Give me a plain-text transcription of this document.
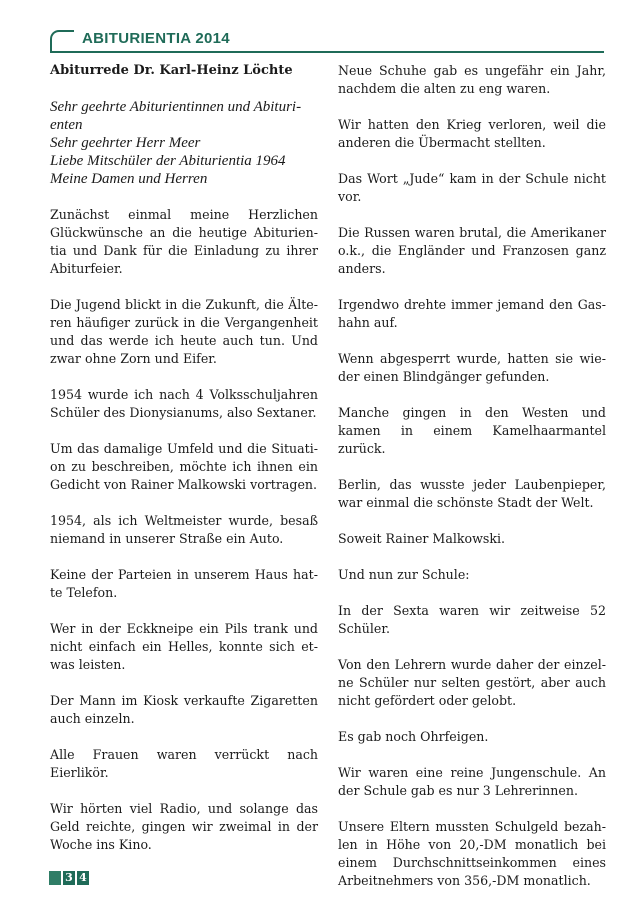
ABITURIENTIA 2014
Abiturrede Dr. Karl-Heinz Löchte

Sehr geehrte Abiturientinnen und Abituri-
enten
Sehr geehrter Herr Meer
Liebe Mitschüler der Abiturientia 1964
Meine Damen und Herren

Zunächst einmal meine Herzlichen Glückwünsche an die heutige Abiturien-tia und Dank für die Einladung zu ihrer Abiturfeier.

Die Jugend blickt in die Zukunft, die Älte-ren häufiger zurück in die Vergangenheit und das werde ich heute auch tun. Und zwar ohne Zorn und Eifer.

1954 wurde ich nach 4 Volksschuljahren Schüler des Dionysianums, also Sextaner.

Um das damalige Umfeld und die Situati-on zu beschreiben, möchte ich ihnen ein Gedicht von Rainer Malkowski vortragen.

1954, als ich Weltmeister wurde, besaß niemand in unserer Straße ein Auto.

Keine der Parteien in unserem Haus hat-te Telefon.

Wer in der Eckkneipe ein Pils trank und nicht einfach ein Helles, konnte sich et-was leisten.

Der Mann im Kiosk verkaufte Zigaretten auch einzeln.

Alle Frauen waren verrückt nach Eierlikör.

Wir hörten viel Radio, und solange das Geld reichte, gingen wir zweimal in der Woche ins Kino.

Neue Schuhe gab es ungefähr ein Jahr, nachdem die alten zu eng waren.

Wir hatten den Krieg verloren, weil die anderen die Übermacht stellten.

Das Wort „Jude“ kam in der Schule nicht vor.

Die Russen waren brutal, die Amerikaner o.k., die Engländer und Franzosen ganz anders.

Irgendwo drehte immer jemand den Gas-hahn auf.

Wenn abgesperrt wurde, hatten sie wie-der einen Blindgänger gefunden.

Manche gingen in den Westen und kamen in einem Kamelhaarmantel zurück.

Berlin, das wusste jeder Laubenpieper, war einmal die schönste Stadt der Welt.

Soweit Rainer Malkowski.

Und nun zur Schule:

In der Sexta waren wir zeitweise 52 Schüler.

Von den Lehrern wurde daher der einzel-ne Schüler nur selten gestört, aber auch nicht gefördert oder gelobt.

Es gab noch Ohrfeigen.

Wir waren eine reine Jungenschule. An der Schule gab es nur 3 Lehrerinnen.

Unsere Eltern mussten Schulgeld bezah-len in Höhe von 20,-DM monatlich bei einem Durchschnittseinkommen eines Arbeitnehmers von 356,-DM monatlich.

3 4
